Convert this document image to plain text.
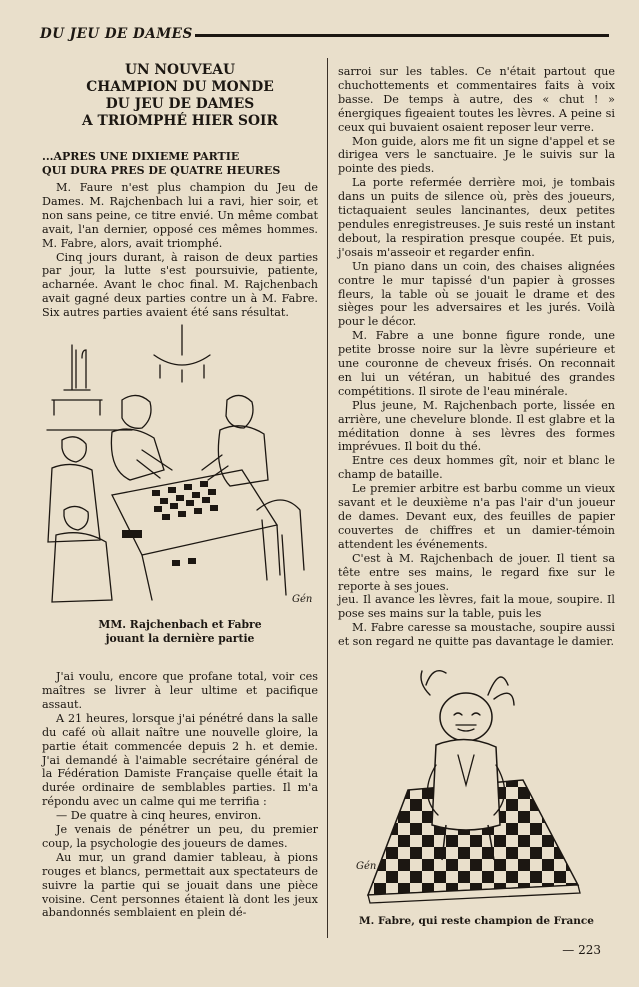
DU JEU DE DAMES
UN NOUVEAU
CHAMPION DU MONDE
DU JEU DE DAMES
A TRIOMPHÉ HIER SOIR
...APRES UNE DIXIEME PARTIE
QUI DURA PRES DE QUATRE HEURES

M. Faure n'est plus champion du Jeu de Dames. M. Rajchenbach lui a ravi, hier soir, et non sans peine, ce titre envié. Un même combat avait, l'an dernier, opposé ces mêmes hommes. M. Fabre, alors, avait triomphé.

Cinq jours durant, à raison de deux parties par jour, la lutte s'est poursuivie, patiente, acharnée. Avant le choc final. M. Rajchenbach avait gagné deux parties contre un à M. Fabre. Six autres parties avaient été sans résultat.

Gén
MM. Rajchenbach et Fabre
jouant la dernière partie

J'ai voulu, encore que profane total, voir ces maîtres se livrer à leur ultime et pacifique assaut.

A 21 heures, lorsque j'ai pénétré dans la salle du café où allait naître une nouvelle gloire, la partie était commencée depuis 2 h. et demie. J'ai demandé à l'aimable secrétaire général de la Fédération Damiste Française quelle était la durée ordinaire de semblables parties. Il m'a répondu avec un calme qui me terrifia :

— De quatre à cinq heures, environ.

Je venais de pénétrer un peu, du premier coup, la psychologie des joueurs de dames.

Au mur, un grand damier tableau, à pions rouges et blancs, permettait aux spectateurs de suivre la partie qui se jouait dans une pièce voisine. Cent personnes étaient là dont les jeux abandonnés semblaient en plein dé-

sarroi sur les tables. Ce n'était partout que chuchottements et commentaires faits à voix basse. De temps à autre, des « chut ! » énergiques figeaient toutes les lèvres. A peine si ceux qui buvaient osaient reposer leur verre.

Mon guide, alors me fit un signe d'appel et se dirigea vers le sanctuaire. Je le suivis sur la pointe des pieds.

La porte refermée derrière moi, je tombais dans un puits de silence où, près des joueurs, tictaquaient seules lancinantes, deux petites pendules enregistreuses. Je suis resté un instant debout, la respiration presque coupée. Et puis, j'osais m'asseoir et regarder enfin.

Un piano dans un coin, des chaises alignées contre le mur tapissé d'un papier à grosses fleurs, la table où se jouait le drame et des sièges pour les adversaires et les jurés. Voilà pour le décor.

M. Fabre a une bonne figure ronde, une petite brosse noire sur la lèvre supérieure et une couronne de cheveux frisés. On reconnait en lui un vétéran, un habitué des grandes compétitions. Il sirote de l'eau minérale.

Plus jeune, M. Rajchenbach porte, lissée en arrière, une chevelure blonde. Il est glabre et la méditation donne à ses lèvres des formes imprévues. Il boit du thé.

Entre ces deux hommes gît, noir et blanc le champ de bataille.

Le premier arbitre est barbu comme un vieux savant et le deuxième n'a pas l'air d'un joueur de dames. Devant eux, des feuilles de papier couvertes de chiffres et un damier-témoin attendent les événements.

C'est à M. Rajchenbach de jouer. Il tient sa tête entre ses mains, le regard fixe sur le reporte à ses joues.

jeu. Il avance les lèvres, fait la moue, soupire. Il pose ses mains sur la table, puis les

M. Fabre caresse sa moustache, soupire aussi et son regard ne quitte pas davantage le damier.

Gén
M. Fabre, qui reste champion de France
— 223
